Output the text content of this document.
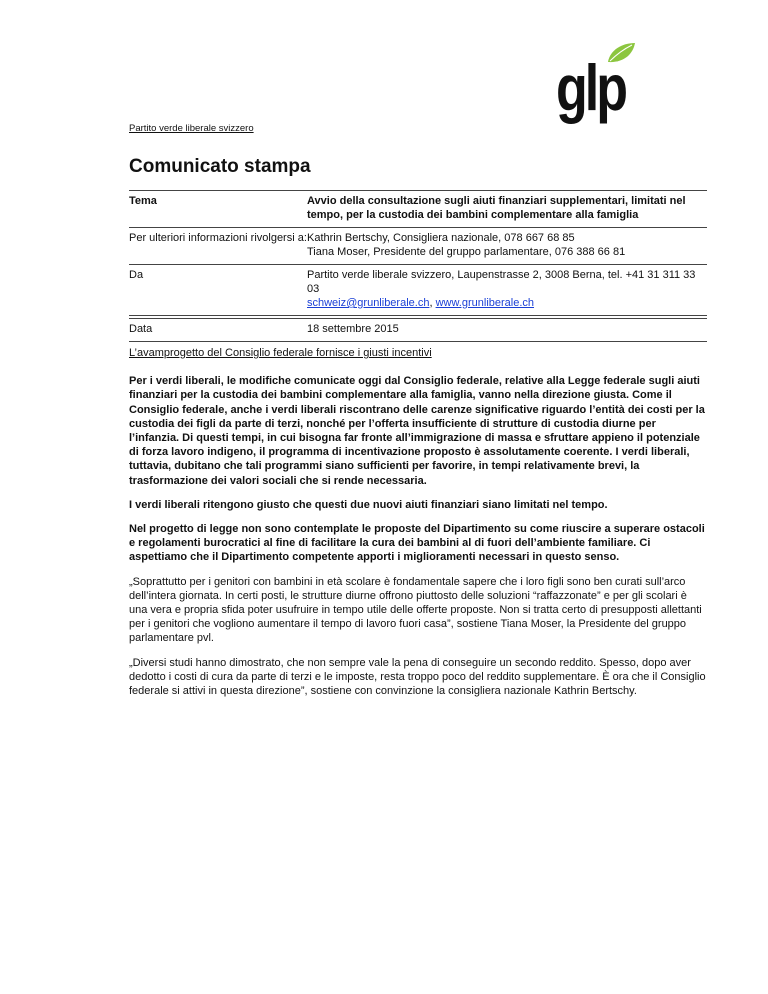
glp
Partito verde liberale svizzero
Comunicato stampa
Tema	Avvio della consultazione sugli aiuti finanziari supplementari, limitati nel
tempo, per la custodia dei bambini complementare alla famiglia
Per ulteriori informazioni rivolgersi a:	Kathrin Bertschy, Consigliera nazionale, 078 667 68 85
Tiana Moser, Presidente del gruppo parlamentare, 076 388 66 81
Da	Partito verde liberale svizzero, Laupenstrasse 2, 3008 Berna, tel. +41 31 311 33 03
schweiz@grunliberale.ch, www.grunliberale.ch

Data	18 settembre 2015

L’avamprogetto del Consiglio federale fornisce i giusti incentivi

Per i verdi liberali, le modifiche comunicate oggi dal Consiglio federale, relative alla Legge federale sugli aiuti finanziari per la custodia dei bambini complementare alla famiglia, vanno nella direzione giusta. Come il Consiglio federale, anche i verdi liberali riscontrano delle carenze significative riguardo l’entità dei costi per la custodia dei figli da parte di terzi, nonché per l’offerta insufficiente di strutture di custodia diurne per l’infanzia. Di questi tempi, in cui bisogna far fronte all’immigrazione di massa e sfruttare appieno il potenziale di forza lavoro indigeno, il programma di incentivazione proposto è assolutamente coerente. I verdi liberali, tuttavia, dubitano che tali programmi siano sufficienti per favorire, in tempi relativamente brevi, la trasformazione dei valori sociali che si rende necessaria.

I verdi liberali ritengono giusto che questi due nuovi aiuti finanziari siano limitati nel tempo.

Nel progetto di legge non sono contemplate le proposte del Dipartimento su come riuscire a superare ostacoli e regolamenti burocratici al fine di facilitare la cura dei bambini al di fuori dell’ambiente familiare. Ci aspettiamo che il Dipartimento competente apporti i miglioramenti necessari in questo senso.

„Soprattutto per i genitori con bambini in età scolare è fondamentale sapere che i loro figli sono ben curati sull’arco dell’intera giornata. In certi posti, le strutture diurne offrono piuttosto delle soluzioni “raffazzonate” e per gli scolari è una vera e propria sfida poter usufruire in tempo utile delle offerte proposte. Non si tratta certo di presupposti allettanti per i genitori che vogliono aumentare il tempo di lavoro fuori casa”, sostiene Tiana Moser, la Presidente del gruppo parlamentare pvl.

„Diversi studi hanno dimostrato, che non sempre vale la pena di conseguire un secondo reddito. Spesso, dopo aver dedotto i costi di cura da parte di terzi e le imposte, resta troppo poco del reddito supplementare. È ora che il Consiglio federale si attivi in questa direzione”, sostiene con convinzione la consigliera nazionale Kathrin Bertschy.
